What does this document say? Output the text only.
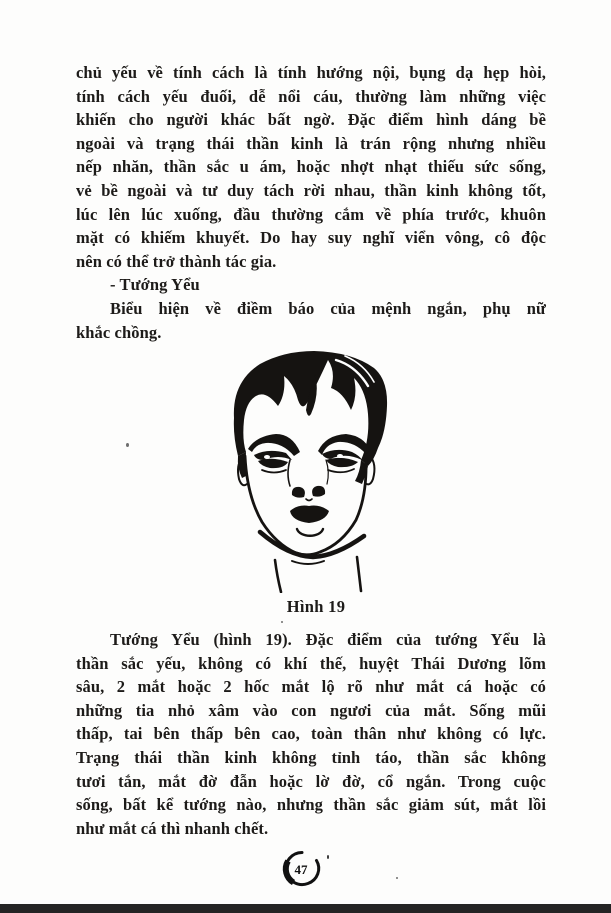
chủ yếu về tính cách là tính hướng nội, bụng dạ hẹp hòi,
tính cách yếu đuối, dễ nổi cáu, thường làm những việc
khiến cho người khác bất ngờ. Đặc điểm hình dáng bề
ngoài và trạng thái thần kinh là trán rộng nhưng nhiều
nếp nhăn, thần sắc u ám, hoặc nhợt nhạt thiếu sức sống,
vẻ bề ngoài và tư duy tách rời nhau, thần kinh không tốt,
lúc lên lúc xuống, đầu thường cắm về phía trước, khuôn
mặt có khiếm khuyết. Do hay suy nghĩ viển vông, cô độc
nên có thể trở thành tác gia.
- Tướng Yểu
Biểu hiện về điềm báo của mệnh ngắn, phụ nữ
khắc chồng.
Hình 19
Tướng Yểu (hình 19). Đặc điểm của tướng Yểu là
thần sắc yếu, không có khí thế, huyệt Thái Dương lõm
sâu, 2 mắt hoặc 2 hốc mắt lộ rõ như mắt cá hoặc có
những tia nhỏ xâm vào con ngươi của mắt. Sống mũi
thấp, tai bên thấp bên cao, toàn thân như không có lực.
Trạng thái thần kinh không tỉnh táo, thần sắc không
tươi tắn, mắt đờ đẫn hoặc lờ đờ, cổ ngắn. Trong cuộc
sống, bất kể tướng nào, nhưng thần sắc giảm sút, mắt lồi
như mắt cá thì nhanh chết.
47
